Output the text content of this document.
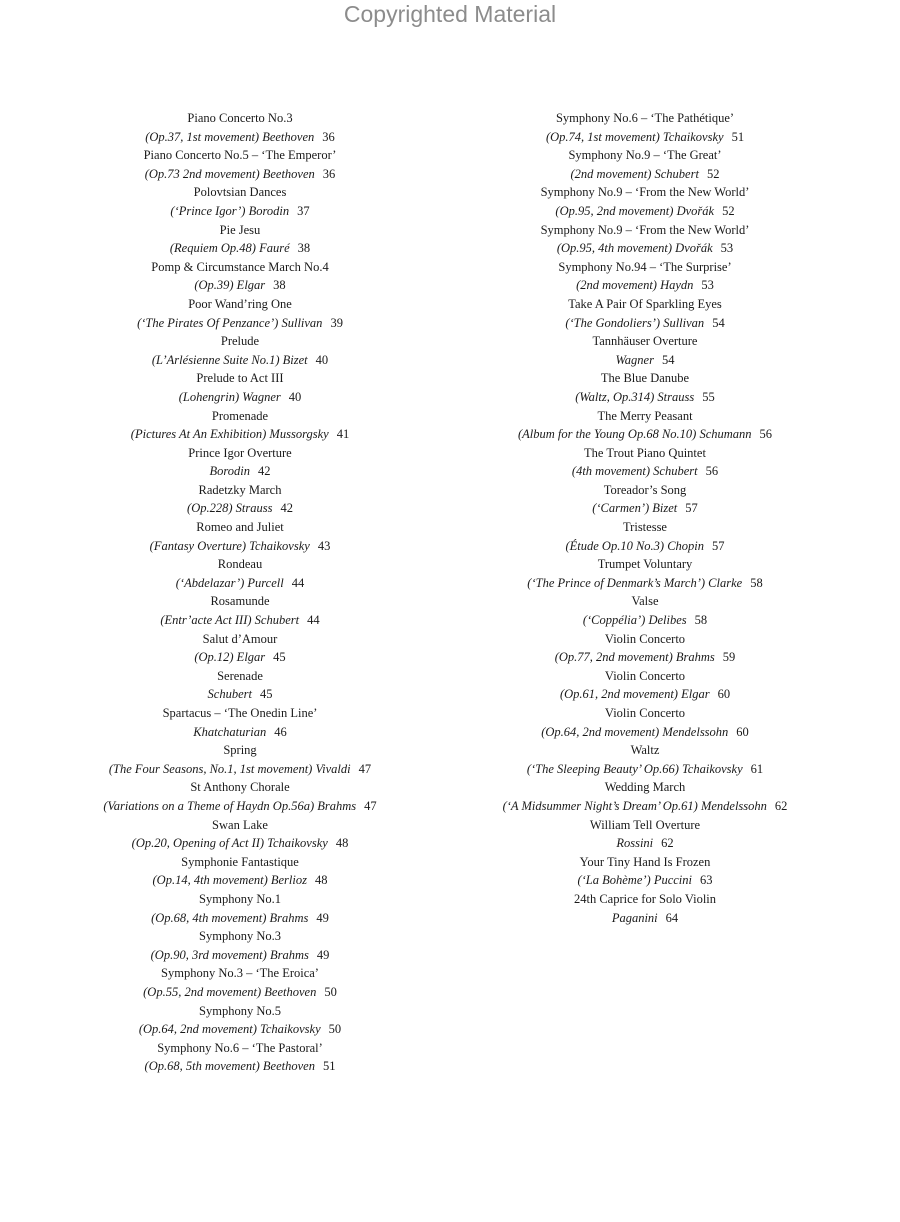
Copyrighted Material
Piano Concerto No.3
(Op.37, 1st movement) Beethoven 36
Piano Concerto No.5 – ‘The Emperor’
(Op.73 2nd movement) Beethoven 36
Polovtsian Dances
(‘Prince Igor’) Borodin 37
Pie Jesu
(Requiem Op.48) Fauré 38
Pomp & Circumstance March No.4
(Op.39) Elgar 38
Poor Wand’ring One
(‘The Pirates Of Penzance’) Sullivan 39
Prelude
(L’Arlésienne Suite No.1) Bizet 40
Prelude to Act III
(Lohengrin) Wagner 40
Promenade
(Pictures At An Exhibition) Mussorgsky 41
Prince Igor Overture
Borodin 42
Radetzky March
(Op.228) Strauss 42
Romeo and Juliet
(Fantasy Overture) Tchaikovsky 43
Rondeau
(‘Abdelazar’) Purcell 44
Rosamunde
(Entr’acte Act III) Schubert 44
Salut d’Amour
(Op.12) Elgar 45
Serenade
Schubert 45
Spartacus – ‘The Onedin Line’
Khatchaturian 46
Spring
(The Four Seasons, No.1, 1st movement) Vivaldi 47
St Anthony Chorale
(Variations on a Theme of Haydn Op.56a) Brahms 47
Swan Lake
(Op.20, Opening of Act II) Tchaikovsky 48
Symphonie Fantastique
(Op.14, 4th movement) Berlioz 48
Symphony No.1
(Op.68, 4th movement) Brahms 49
Symphony No.3
(Op.90, 3rd movement) Brahms 49
Symphony No.3 – ‘The Eroica’
(Op.55, 2nd movement) Beethoven 50
Symphony No.5
(Op.64, 2nd movement) Tchaikovsky 50
Symphony No.6 – ‘The Pastoral’
(Op.68, 5th movement) Beethoven 51
Symphony No.6 – ‘The Pathétique’
(Op.74, 1st movement) Tchaikovsky 51
Symphony No.9 – ‘The Great’
(2nd movement) Schubert 52
Symphony No.9 – ‘From the New World’
(Op.95, 2nd movement) Dvořák 52
Symphony No.9 – ‘From the New World’
(Op.95, 4th movement) Dvořák 53
Symphony No.94 – ‘The Surprise’
(2nd movement) Haydn 53
Take A Pair Of Sparkling Eyes
(‘The Gondoliers’) Sullivan 54
Tannhäuser Overture
Wagner 54
The Blue Danube
(Waltz, Op.314) Strauss 55
The Merry Peasant
(Album for the Young Op.68 No.10) Schumann 56
The Trout Piano Quintet
(4th movement) Schubert 56
Toreador’s Song
(‘Carmen’) Bizet 57
Tristesse
(Étude Op.10 No.3) Chopin 57
Trumpet Voluntary
(‘The Prince of Denmark’s March’) Clarke 58
Valse
(‘Coppélia’) Delibes 58
Violin Concerto
(Op.77, 2nd movement) Brahms 59
Violin Concerto
(Op.61, 2nd movement) Elgar 60
Violin Concerto
(Op.64, 2nd movement) Mendelssohn 60
Waltz
(‘The Sleeping Beauty’ Op.66) Tchaikovsky 61
Wedding March
(‘A Midsummer Night’s Dream’ Op.61) Mendelssohn 62
William Tell Overture
Rossini 62
Your Tiny Hand Is Frozen
(‘La Bohème’) Puccini 63
24th Caprice for Solo Violin
Paganini 64
